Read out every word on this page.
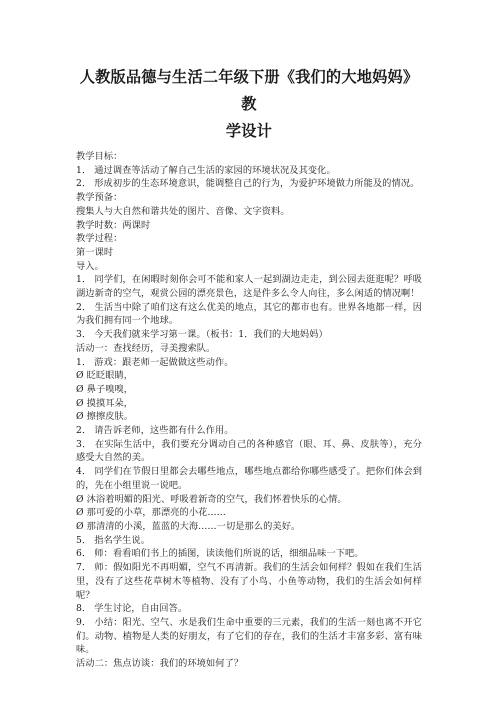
人教版品德与生活二年级下册《我们的大地妈妈》教
学设计

教学目标：

1． 通过调查等活动了解自己生活的家园的环境状况及其变化。

2． 形成初步的生态环境意识，能调整自己的行为，为爱护环境做力所能及的情况。

教学预备：

搜集人与大自然和谐共处的图片、音像、文字资料。

教学时数：两课时

教学过程：

第一课时

导入。

1． 同学们，在闲暇时刻你会可不能和家人一起到湖边走走，到公园去逛逛呢？呼吸湖边新奇的空气，观赏公园的漂亮景色，这是件多么令人向往，多么闲适的情况啊！

2． 生活当中除了咱们这有这么优美的地点，其它的都市也有。世界各地都一样，因为我们拥有同一个地球。

3． 今天我们就来学习第一课。（板书：1．我们的大地妈妈）

活动一：查找经历，寻美搜索队。

1． 游戏：跟老师一起做做这些动作。

Ø 眨眨眼睛，

Ø 鼻子嗅嗅，

Ø 摸摸耳朵，

Ø 擦擦皮肤。

2． 请告诉老师，这些都有什么作用。

3． 在实际生活中，我们要充分调动自己的各种感官（眼、耳、鼻、皮肤等），充分感受大自然的美。

4． 同学们在节假日里都会去哪些地点，哪些地点都给你哪些感受了。把你们体会到的，先在小组里说一说吧。

Ø 沐浴着明媚的阳光、呼吸着新奇的空气，我们怀着快乐的心情。

Ø 那可爱的小草，那漂亮的小花……

Ø 那清清的小溪，蓝蓝的大海……一切是那么的美好。

5． 指名学生说。

6． 师：看看咱们书上的插图，读读他们所说的话，细细品味一下吧。

7． 师：假如阳光不再明媚，空气不再清新。我们的生活会如何样？假如在我们生活里，没有了这些花草树木等植物、没有了小鸟、小鱼等动物，我们的生活会如何样呢？

8． 学生讨论，自由回答。

9． 小结：阳光、空气、水是我们生命中重要的三元素，我们的生活一刻也离不开它们。动物、植物是人类的好朋友，有了它们的存在，我们的生活才丰富多彩、富有味味。

活动二：焦点访谈：我们的环境如何了？
